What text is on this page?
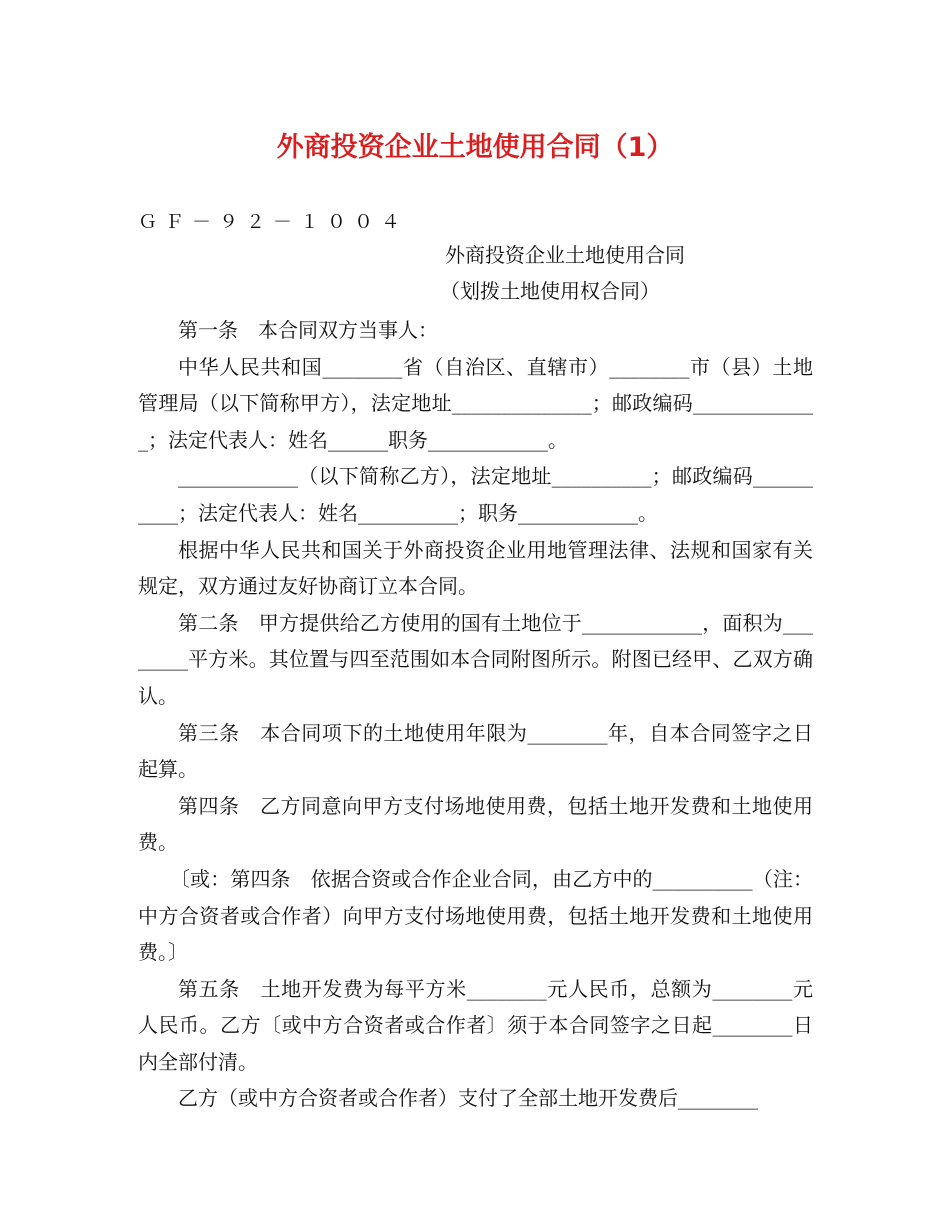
外商投资企业土地使用合同（1）
ＧＦ－９２－１００４
外商投资企业土地使用合同
（划拨土地使用权合同）

第一条　本合同双方当事人：

中华人民共和国________省（自治区、直辖市）________市（县）土地管理局（以下简称甲方），法定地址______________；邮政编码_____________；法定代表人：姓名______职务____________。

____________（以下简称乙方），法定地址__________；邮政编码__________；法定代表人：姓名__________；职务____________。

根据中华人民共和国关于外商投资企业用地管理法律、法规和国家有关规定，双方通过友好协商订立本合同。

第二条　甲方提供给乙方使用的国有土地位于____________，面积为________平方米。其位置与四至范围如本合同附图所示。附图已经甲、乙双方确认。

第三条　本合同项下的土地使用年限为________年，自本合同签字之日起算。

第四条　乙方同意向甲方支付场地使用费，包括土地开发费和土地使用费。

〔或：第四条　依据合资或合作企业合同，由乙方中的__________（注：中方合资者或合作者）向甲方支付场地使用费，包括土地开发费和土地使用费。〕

第五条　土地开发费为每平方米________元人民币，总额为________元人民币。乙方〔或中方合资者或合作者〕须于本合同签字之日起________日内全部付清。

乙方（或中方合资者或合作者）支付了全部土地开发费后________
